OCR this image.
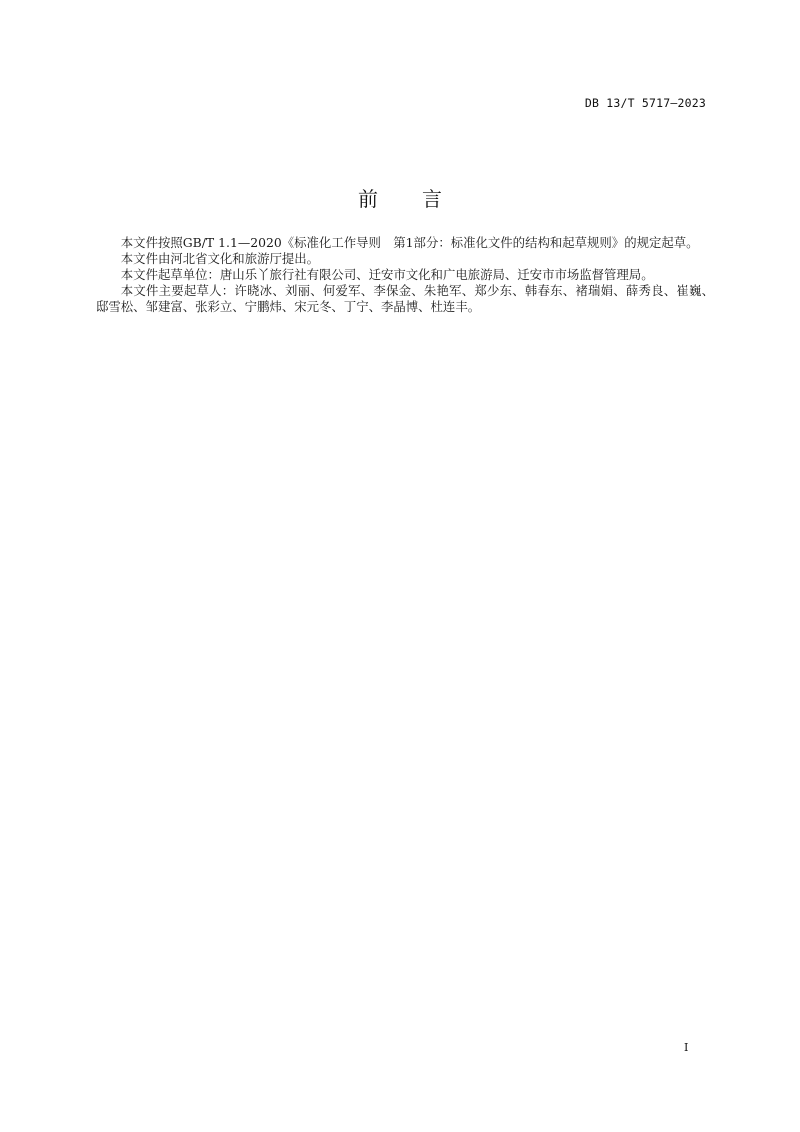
DB 13/T 5717—2023
前 言

本文件按照GB/T 1.1—2020《标准化工作导则　第1部分：标准化文件的结构和起草规则》的规定起草。

本文件由河北省文化和旅游厅提出。

本文件起草单位：唐山乐丫旅行社有限公司、迁安市文化和广电旅游局、迁安市市场监督管理局。

本文件主要起草人：许晓冰、刘丽、何爱军、李保金、朱艳军、郑少东、韩春东、褚瑞娟、薛秀良、崔巍、邸雪松、邹建富、张彩立、宁鹏炜、宋元冬、丁宁、李晶博、杜连丰。

I
